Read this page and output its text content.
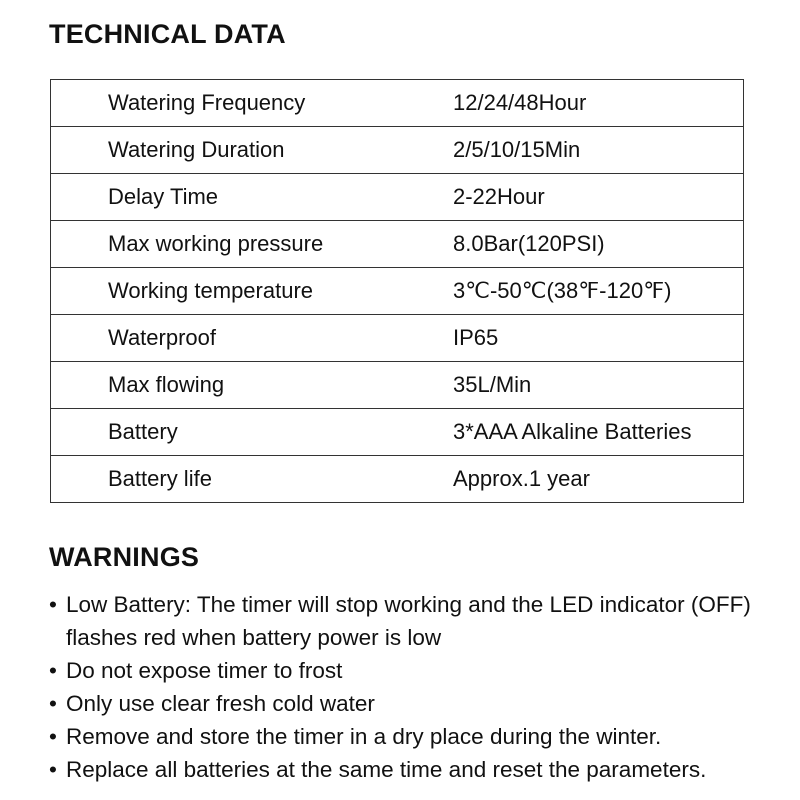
TECHNICAL DATA
Watering Frequency	12/24/48Hour
Watering Duration	2/5/10/15Min
Delay Time	2-22Hour
Max working pressure	8.0Bar(120PSI)
Working temperature	3℃-50℃(38℉-120℉)
Waterproof	IP65
Max flowing	35L/Min
Battery	3*AAA Alkaline Batteries
Battery life	Approx.1 year
WARNINGS
• Low Battery: The timer will stop working and the LED indicator (OFF) flashes red when battery power is low
• Do not expose timer to frost
• Only use clear fresh cold water
• Remove and store the timer in a dry place during the winter.
• Replace all batteries at the same time and reset the parameters.
